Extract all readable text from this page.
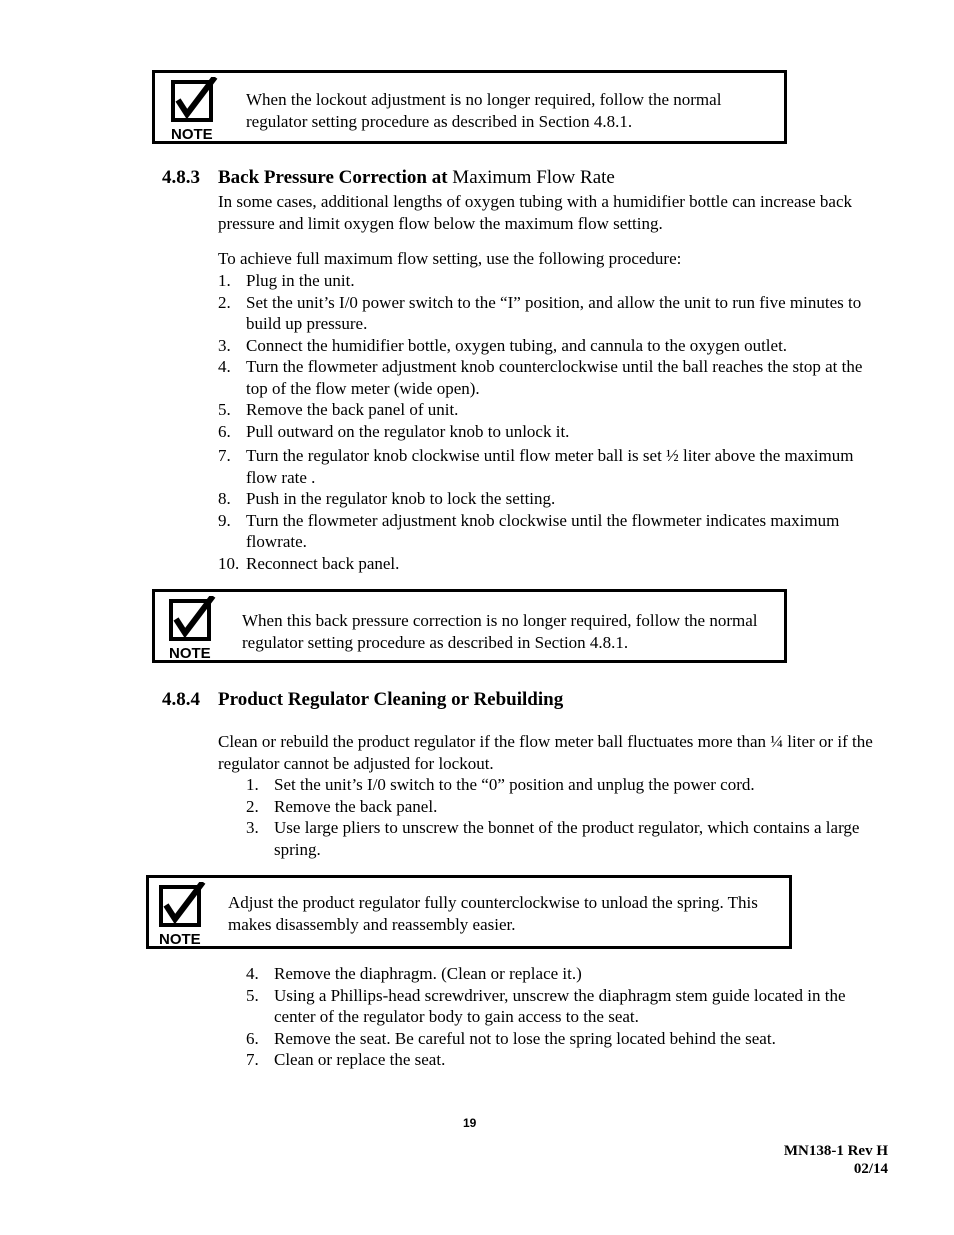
NOTE
When the lockout adjustment is no longer required, follow the normal regulator setting procedure as described in Section 4.8.1.
4.8.3 Back Pressure Correction at Maximum Flow Rate
In some cases, additional lengths of oxygen tubing with a humidifier bottle can increase back pressure and limit oxygen flow below the maximum flow setting.
To achieve full maximum flow setting, use the following procedure:
1. Plug in the unit.
2. Set the unit’s I/0 power switch to the “I” position, and allow the unit to run five minutes to build up pressure.
3. Connect the humidifier bottle, oxygen tubing, and cannula to the oxygen outlet.
4. Turn the flowmeter adjustment knob counterclockwise until the ball reaches the stop at the top of the flow meter (wide open).
5. Remove the back panel of unit.
6. Pull outward on the regulator knob to unlock it.
7. Turn the regulator knob clockwise until flow meter ball is set ½ liter above the maximum flow rate .
8. Push in the regulator knob to lock the setting.
9. Turn the flowmeter adjustment knob clockwise until the flowmeter indicates maximum flowrate.
10. Reconnect back panel.
NOTE
When this back pressure correction is no longer required, follow the normal regulator setting procedure as described in Section 4.8.1.
4.8.4 Product Regulator Cleaning or Rebuilding
Clean or rebuild the product regulator if the flow meter ball fluctuates more than ¼ liter or if the regulator cannot be adjusted for lockout.
1. Set the unit’s I/0 switch to the “0” position and unplug the power cord.
2. Remove the back panel.
3. Use large pliers to unscrew the bonnet of the product regulator, which contains a large spring.
NOTE
Adjust the product regulator fully counterclockwise to unload the spring. This makes disassembly and reassembly easier.
4. Remove the diaphragm. (Clean or replace it.)
5. Using a Phillips-head screwdriver, unscrew the diaphragm stem guide located in the center of the regulator body to gain access to the seat.
6. Remove the seat. Be careful not to lose the spring located behind the seat.
7. Clean or replace the seat.
19
MN138-1 Rev H
02/14
